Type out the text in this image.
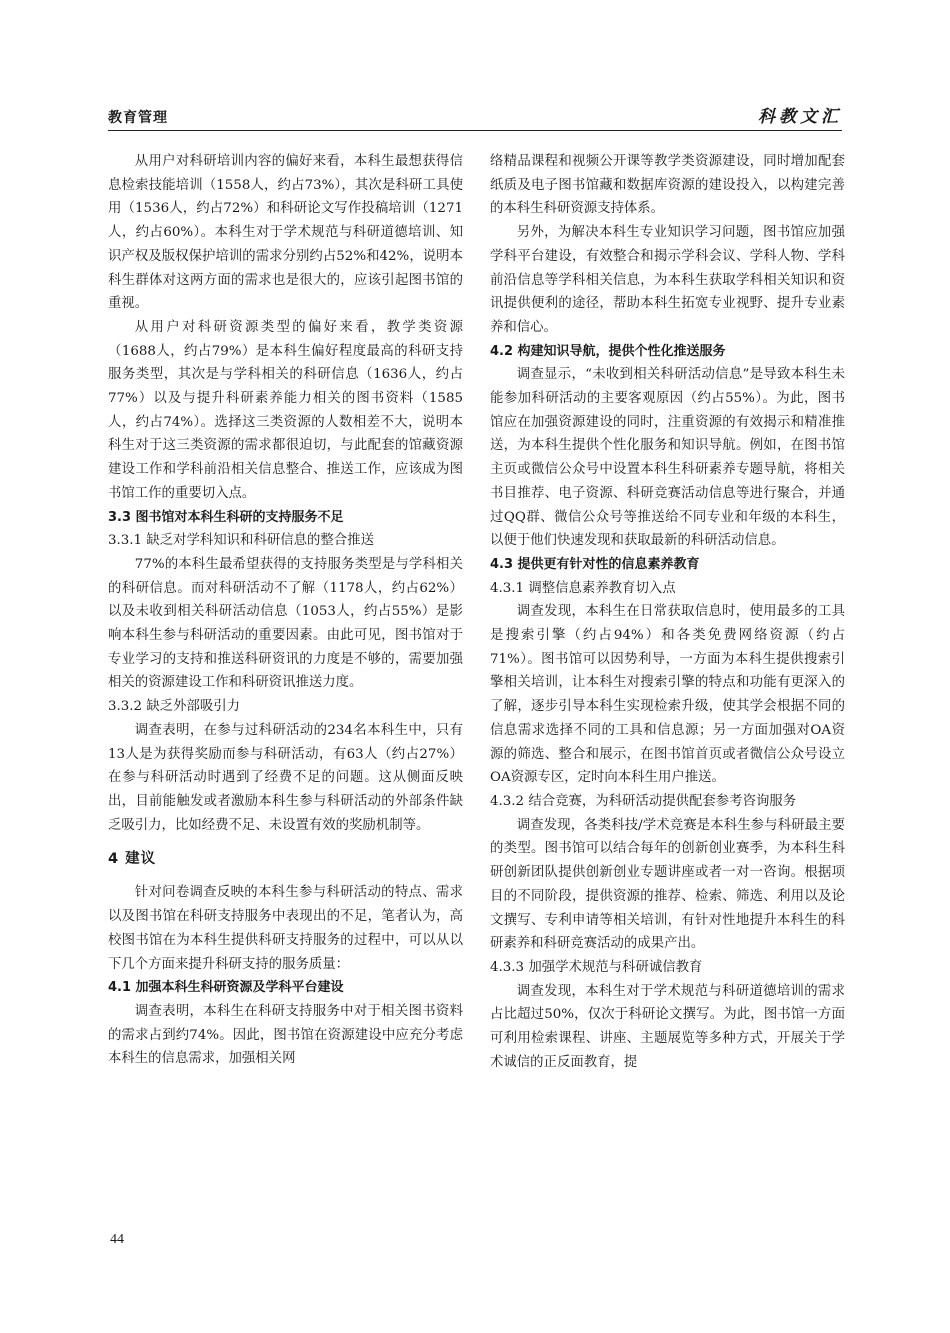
教育管理	科教文汇

从用户对科研培训内容的偏好来看，本科生最想获得信息检索技能培训（1558人，约占73%），其次是科研工具使用（1536人，约占72%）和科研论文写作投稿培训（1271人，约占60%）。本科生对于学术规范与科研道德培训、知识产权及版权保护培训的需求分别约占52%和42%，说明本科生群体对这两方面的需求也是很大的，应该引起图书馆的重视。

从用户对科研资源类型的偏好来看，教学类资源（1688人，约占79%）是本科生偏好程度最高的科研支持服务类型，其次是与学科相关的科研信息（1636人，约占77%）以及与提升科研素养能力相关的图书资料（1585人，约占74%）。选择这三类资源的人数相差不大，说明本科生对于这三类资源的需求都很迫切，与此配套的馆藏资源建设工作和学科前沿相关信息整合、推送工作，应该成为图书馆工作的重要切入点。

3.3 图书馆对本科生科研的支持服务不足
3.3.1 缺乏对学科知识和科研信息的整合推送

77%的本科生最希望获得的支持服务类型是与学科相关的科研信息。而对科研活动不了解（1178人，约占62%）以及未收到相关科研活动信息（1053人，约占55%）是影响本科生参与科研活动的重要因素。由此可见，图书馆对于专业学习的支持和推送科研资讯的力度是不够的，需要加强相关的资源建设工作和科研资讯推送力度。

3.3.2 缺乏外部吸引力

调查表明，在参与过科研活动的234名本科生中，只有13人是为获得奖励而参与科研活动，有63人（约占27%）在参与科研活动时遇到了经费不足的问题。这从侧面反映出，目前能触发或者激励本科生参与科研活动的外部条件缺乏吸引力，比如经费不足、未设置有效的奖励机制等。

4 建议

针对问卷调查反映的本科生参与科研活动的特点、需求以及图书馆在科研支持服务中表现出的不足，笔者认为，高校图书馆在为本科生提供科研支持服务的过程中，可以从以下几个方面来提升科研支持的服务质量：

4.1 加强本科生科研资源及学科平台建设

调查表明，本科生在科研支持服务中对于相关图书资料的需求占到约74%。因此，图书馆在资源建设中应充分考虑本科生的信息需求，加强相关网

络精品课程和视频公开课等教学类资源建设，同时增加配套纸质及电子图书馆藏和数据库资源的建设投入，以构建完善的本科生科研资源支持体系。

另外，为解决本科生专业知识学习问题，图书馆应加强学科平台建设，有效整合和揭示学科会议、学科人物、学科前沿信息等学科相关信息，为本科生获取学科相关知识和资讯提供便利的途径，帮助本科生拓宽专业视野、提升专业素养和信心。

4.2 构建知识导航，提供个性化推送服务

调查显示，“未收到相关科研活动信息”是导致本科生未能参加科研活动的主要客观原因（约占55%）。为此，图书馆应在加强资源建设的同时，注重资源的有效揭示和精准推送，为本科生提供个性化服务和知识导航。例如，在图书馆主页或微信公众号中设置本科生科研素养专题导航，将相关书目推荐、电子资源、科研竞赛活动信息等进行聚合，并通过QQ群、微信公众号等推送给不同专业和年级的本科生，以便于他们快速发现和获取最新的科研活动信息。

4.3 提供更有针对性的信息素养教育
4.3.1 调整信息素养教育切入点

调查发现，本科生在日常获取信息时，使用最多的工具是搜索引擎（约占94%）和各类免费网络资源（约占71%）。图书馆可以因势利导，一方面为本科生提供搜索引擎相关培训，让本科生对搜索引擎的特点和功能有更深入的了解，逐步引导本科生实现检索升级，使其学会根据不同的信息需求选择不同的工具和信息源；另一方面加强对OA资源的筛选、整合和展示，在图书馆首页或者微信公众号设立OA资源专区，定时向本科生用户推送。

4.3.2 结合竞赛，为科研活动提供配套参考咨询服务

调查发现，各类科技/学术竞赛是本科生参与科研最主要的类型。图书馆可以结合每年的创新创业赛季，为本科生科研创新团队提供创新创业专题讲座或者一对一咨询。根据项目的不同阶段，提供资源的推荐、检索、筛选、利用以及论文撰写、专利申请等相关培训，有针对性地提升本科生的科研素养和科研竞赛活动的成果产出。

4.3.3 加强学术规范与科研诚信教育

调查发现，本科生对于学术规范与科研道德培训的需求占比超过50%，仅次于科研论文撰写。为此，图书馆一方面可利用检索课程、讲座、主题展览等多种方式，开展关于学术诚信的正反面教育，提

44
